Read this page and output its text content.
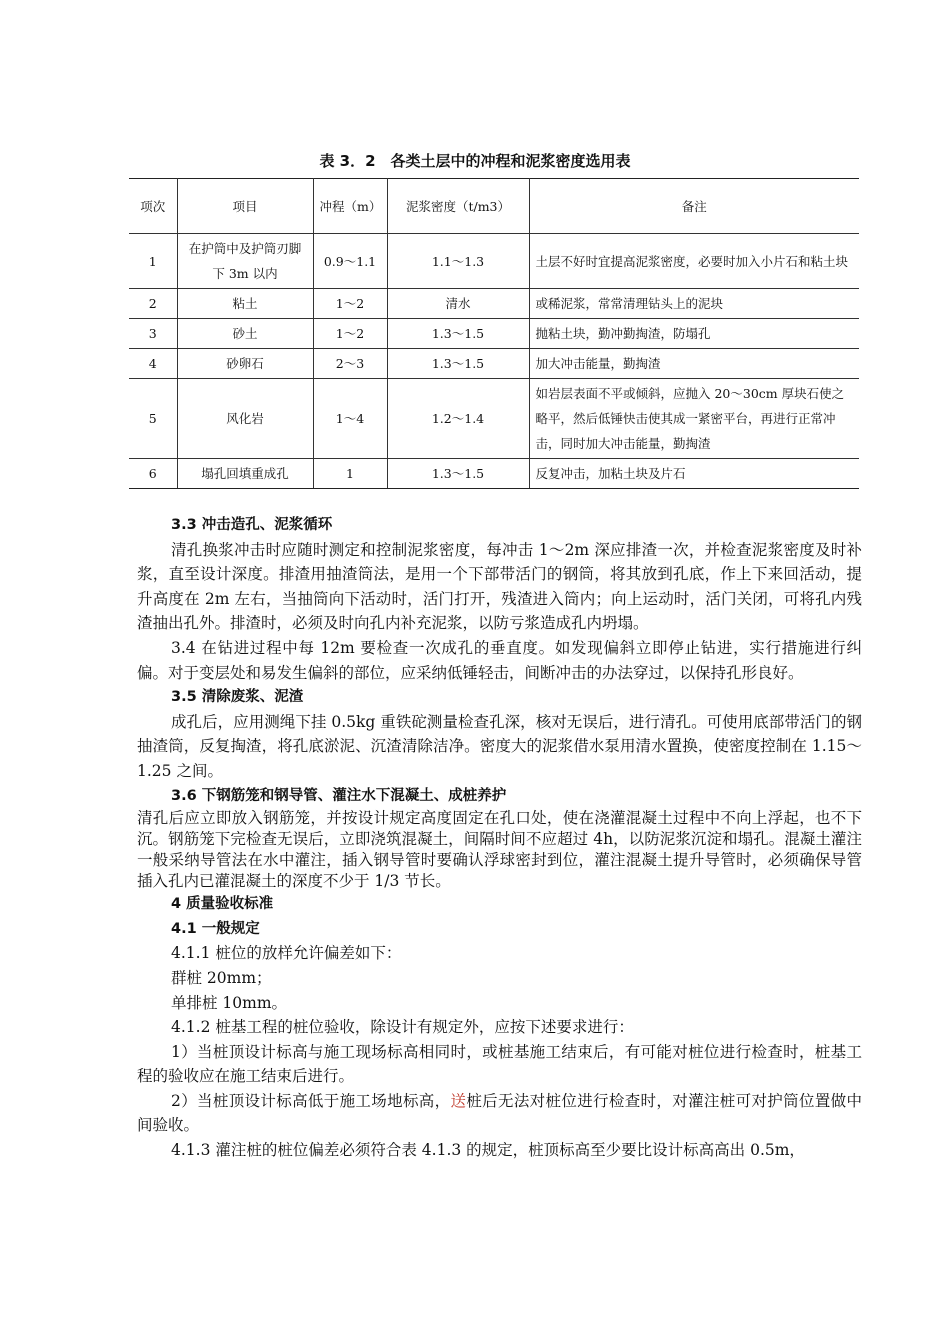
表 3．2　各类土层中的冲程和泥浆密度选用表
项次	项目	冲程（m）	泥浆密度（t/m3）	备注
1	在护筒中及护筒刃脚下 3m 以内	0.9～1.1	1.1～1.3	土层不好时宜提高泥浆密度，必要时加入小片石和粘土块
2	粘土	1～2	清水	或稀泥浆，常常清理钻头上的泥块
3	砂土	1～2	1.3～1.5	抛粘土块，勤冲勤掏渣，防塌孔
4	砂卵石	2～3	1.3～1.5	加大冲击能量，勤掏渣
5	风化岩	1～4	1.2～1.4	如岩层表面不平或倾斜，应抛入 20～30cm 厚块石使之略平，然后低锤快击使其成一紧密平台，再进行正常冲击，同时加大冲击能量，勤掏渣
6	塌孔回填重成孔	1	1.3～1.5	反复冲击，加粘土块及片石

3.3 冲击造孔、泥浆循环

清孔换浆冲击时应随时测定和控制泥浆密度，每冲击 1～2m 深应排渣一次，并检查泥浆密度及时补浆，直至设计深度。排渣用抽渣筒法，是用一个下部带活门的钢筒，将其放到孔底，作上下来回活动，提升高度在 2m 左右，当抽筒向下活动时，活门打开，残渣进入筒内；向上运动时，活门关闭，可将孔内残渣抽出孔外。排渣时，必须及时向孔内补充泥浆，以防亏浆造成孔内坍塌。

3.4 在钻进过程中每 12m 要检查一次成孔的垂直度。如发现偏斜立即停止钻进，实行措施进行纠偏。对于变层处和易发生偏斜的部位，应采纳低锤轻击，间断冲击的办法穿过，以保持孔形良好。

3.5 清除废浆、泥渣

成孔后，应用测绳下挂 0.5kg 重铁砣测量检查孔深，核对无误后，进行清孔。可使用底部带活门的钢抽渣筒，反复掏渣，将孔底淤泥、沉渣清除洁净。密度大的泥浆借水泵用清水置换，使密度控制在 1.15～1.25 之间。

3.6 下钢筋笼和钢导管、灌注水下混凝土、成桩养护

清孔后应立即放入钢筋笼，并按设计规定高度固定在孔口处，使在浇灌混凝土过程中不向上浮起，也不下沉。钢筋笼下完检查无误后，立即浇筑混凝土，间隔时间不应超过 4h，以防泥浆沉淀和塌孔。混凝土灌注一般采纳导管法在水中灌注，插入钢导管时要确认浮球密封到位，灌注混凝土提升导管时，必须确保导管插入孔内已灌混凝土的深度不少于 1/3 节长。

4 质量验收标准

4.1 一般规定

4.1.1 桩位的放样允许偏差如下：

群桩 20mm；

单排桩 10mm。

4.1.2 桩基工程的桩位验收，除设计有规定外，应按下述要求进行：

1）当桩顶设计标高与施工现场标高相同时，或桩基施工结束后，有可能对桩位进行检查时，桩基工程的验收应在施工结束后进行。

2）当桩顶设计标高低于施工场地标高，送桩后无法对桩位进行检查时，对灌注桩可对护筒位置做中间验收。

4.1.3 灌注桩的桩位偏差必须符合表 4.1.3 的规定，桩顶标高至少要比设计标高高出 0.5m，
